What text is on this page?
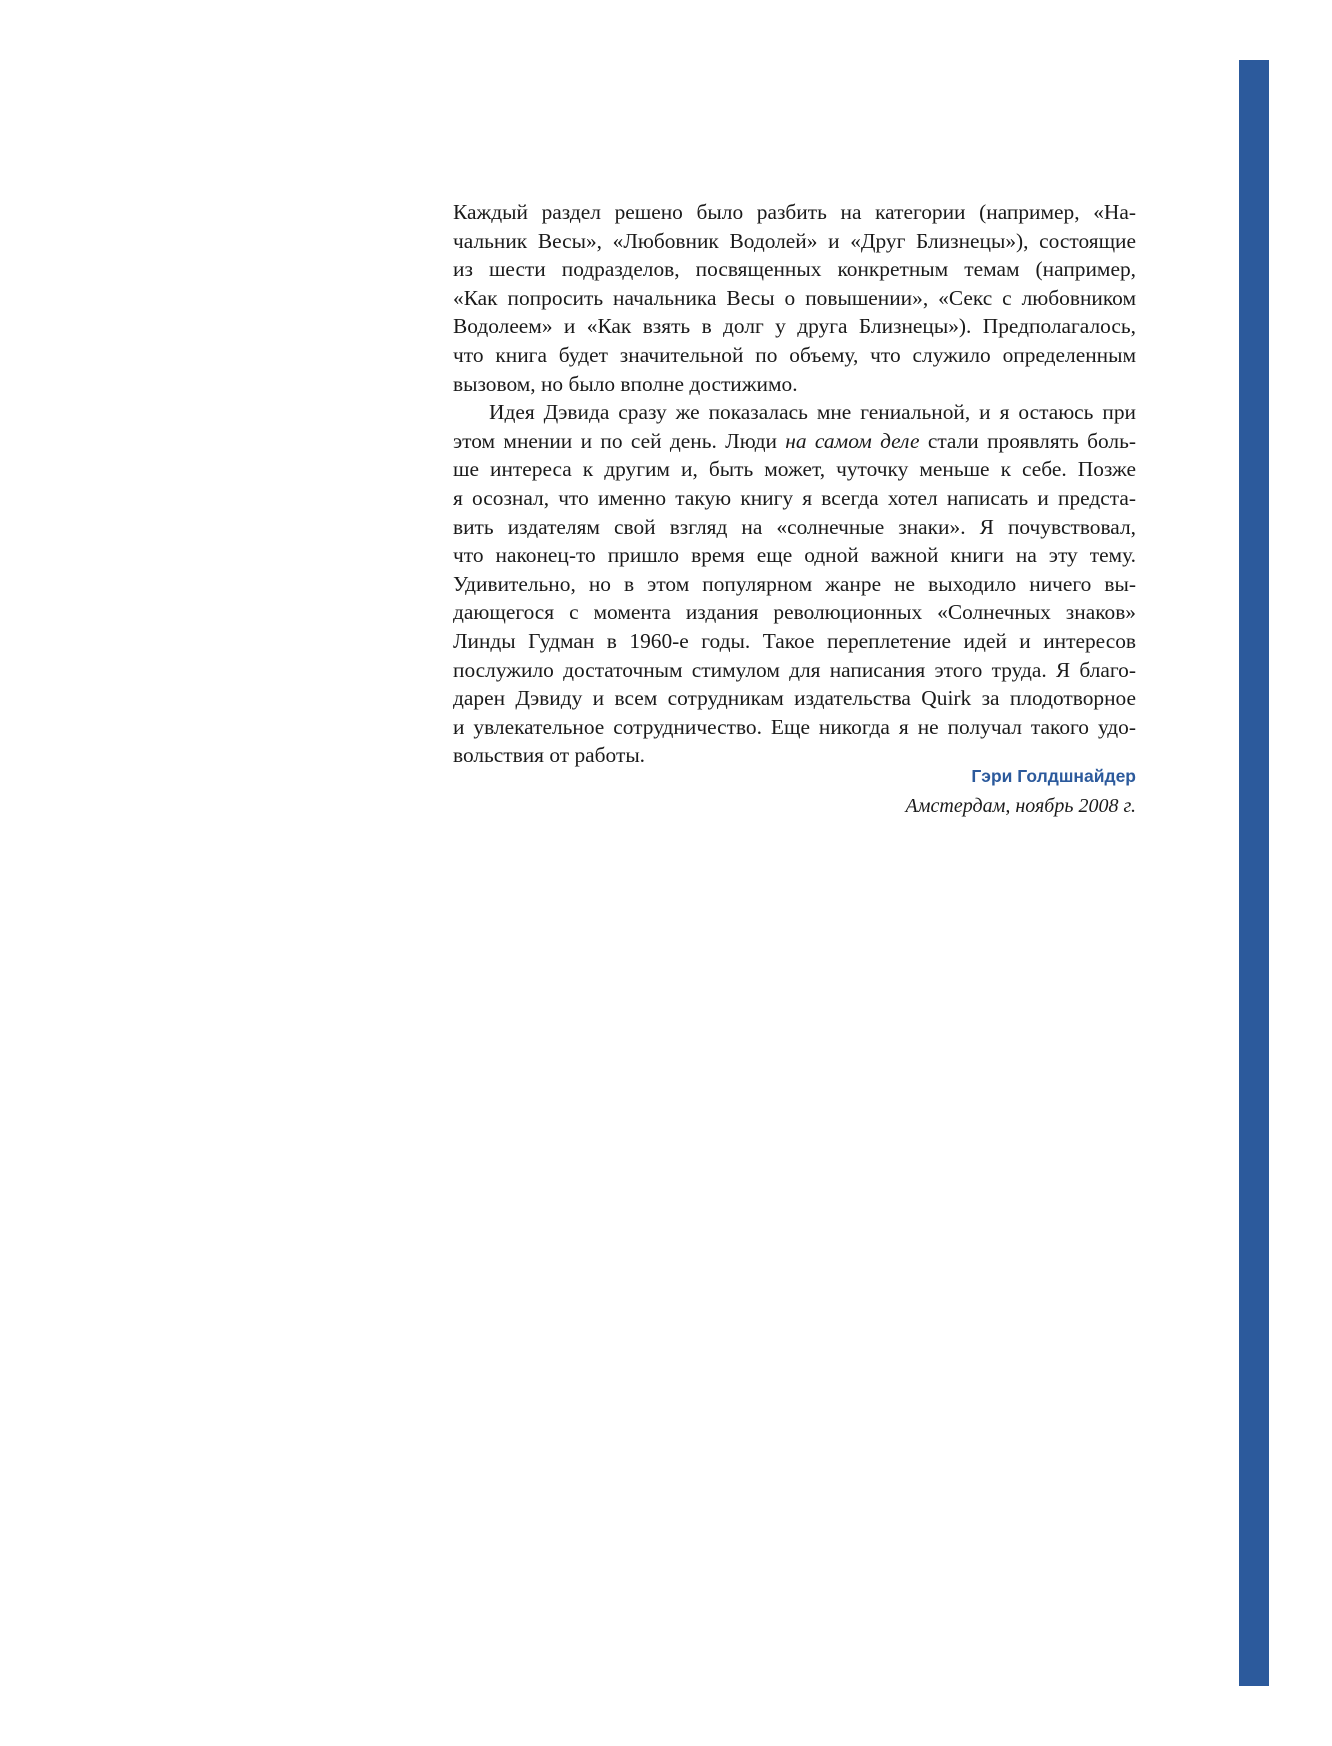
Каждый раздел решено было разбить на категории (например, «На-
чальник Весы», «Любовник Водолей» и «Друг Близнецы»), состоящие
из шести подразделов, посвященных конкретным темам (например,
«Как попросить начальника Весы о повышении», «Секс с любовником
Водолеем» и «Как взять в долг у друга Близнецы»). Предполагалось,
что книга будет значительной по объему, что служило определенным
вызовом, но было вполне достижимо.
Идея Дэвида сразу же показалась мне гениальной, и я остаюсь при
этом мнении и по сей день. Люди на самом деле стали проявлять боль-
ше интереса к другим и, быть может, чуточку меньше к себе. Позже
я осознал, что именно такую книгу я всегда хотел написать и предста-
вить издателям свой взгляд на «солнечные знаки». Я почувствовал,
что наконец-то пришло время еще одной важной книги на эту тему.
Удивительно, но в этом популярном жанре не выходило ничего вы-
дающегося с момента издания революционных «Солнечных знаков»
Линды Гудман в 1960-е годы. Такое переплетение идей и интересов
послужило достаточным стимулом для написания этого труда. Я благо-
дарен Дэвиду и всем сотрудникам издательства Quirk за плодотворное
и увлекательное сотрудничество. Еще никогда я не получал такого удо-
вольствия от работы.
Гэри Голдшнайдер
Амстердам, ноябрь 2008 г.
